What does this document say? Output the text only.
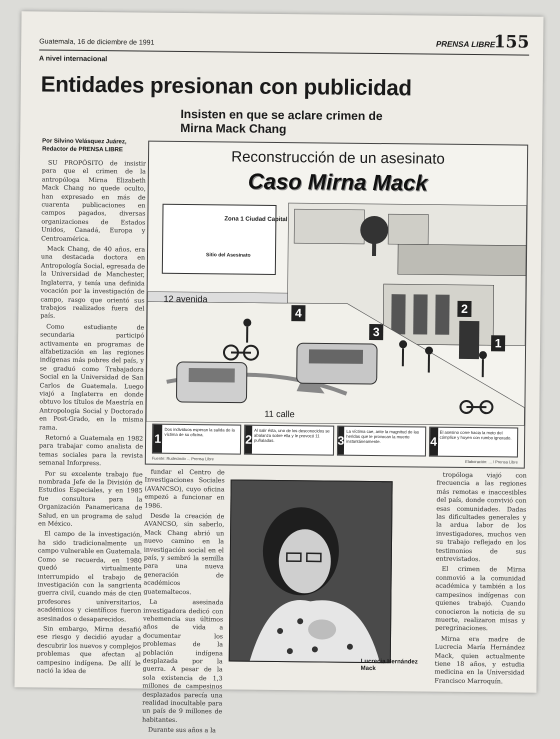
Guatemala, 16 de diciembre de 1991	PRENSA LIBRE
155
A nivel internacional
Entidades presionan con publicidad
Insisten en que se aclare crimen de Mirna Mack Chang
Por Silvino Velásquez Juárez, Redactor de PRENSA LIBRE

SU PROPÓSITO de insistir para que el crimen de la antropóloga Mirna Elizabeth Mack Chang no quede oculto, han expresado en más de cuarenta publicaciones en campos pagados, diversas organizaciones de Estados Unidos, Canadá, Europa y Centroamérica.

Mack Chang, de 40 años, era una destacada doctora en Antropología Social, egresada de la Universidad de Manchester, Inglaterra, y tenía una definida vocación por la investigación de campo, rasgo que orientó sus trabajos realizados fuera del país.

Como estudiante de secundaria participó activamente en programas de alfabetización en las regiones indígenas más pobres del país, y se graduó como Trabajadora Social en la Universidad de San Carlos de Guatemala. Luego viajó a Inglaterra en donde obtuvo los títulos de Maestría en Antropología Social y Doctorado en Post-Grado, en la misma rama.

Retornó a Guatemala en 1982 para trabajar como analista de temas sociales para la revista semanal Inforpress.

Por su excelente trabajo fue nombrada Jefe de la División de Estudios Especiales, y en 1985 fue consultora para la Organización Panamericana de Salud, en un programa de salud en México.

El campo de la investigación, ha sido tradicionalmente un campo vulnerable en Guatemala. Como se recuerda, en 1980 quedó virtualmente interrumpido el trabajo de investigación con la sangrienta guerra civil, cuando más de cien profesores universitarios, académicos y científicos fueron asesinados o desaparecidos.

Sin embargo, Mirna desafió ese riesgo y decidió ayudar a descubrir los nuevos y complejos problemas que afectan al campesino indígena. De allí le nació la idea de

Reconstrucción de un asesinato
Caso Mirna Mack
Zona 1 Ciudad Capital
Sitio del Asesinato
12 avenida
11 calle
4	2
3
1
1
Dos individuos esperan la salida de la víctima de su oficina.	2
Al salir ésta, uno de los desconocidos se abalanza sobre ella y le provocó 11 puñaladas.	3
La víctima cae, ante la magnitud de las heridas que le provocan la muerte instantáneamente.	4
El asesino corre hacia la moto del cómplice y huyen con rumbo ignorado.
Fuente: Rudecindo ... Prensa Libre
Elaboración: ... / Prensa Libre

fundar el Centro de Investigaciones Sociales (AVANCSO), cuyo oficina empezó a funcionar en 1986.

Desde la creación de AVANCSO, sin saberlo, Mack Chang abrió un nuevo camino en la investigación social en el país, y sembró la semilla para una nueva generación de académicos guatemaltecos.

La asesinada investigadora dedicó con vehemencia sus últimos años de vida a documentar los problemas de la población indígena desplazada por la guerra. A pesar de la sola existencia de 1,3 millones de campesinos desplazados parecía una realidad inocultable para un país de 9 millones de habitantes.

Durante sus años a la

Lucrecia Hernández Mack

tropóloga viajó con frecuencia a las regiones más remotas e inaccesibles del país, donde convivió con esas comunidades. Dadas las dificultades generales y la ardua labor de los investigadores, muchos ven su trabajo reflejado en los testimonios de sus entrevistados.

El crimen de Mirna conmovió a la comunidad académica y también a los campesinos indígenas con quienes trabajó. Cuando conocieron la noticia de su muerte, realizaron misas y peregrinaciones.

Mirna era madre de Lucrecia María Hernández Mack, quien actualmente tiene 18 años, y estudia medicina en la Universidad Francisco Marroquín.
